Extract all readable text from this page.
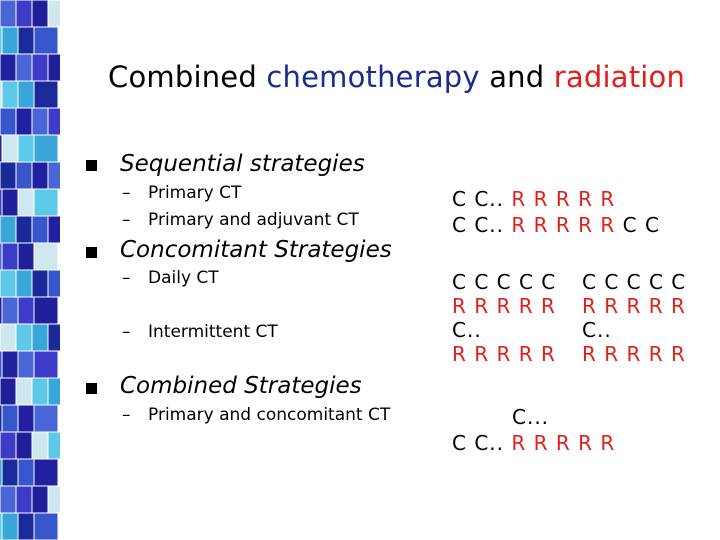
Combined chemotherapy and radiation
Sequential strategies
– Primary CT
– Primary and adjuvant CT
Concomitant Strategies
– Daily CT
– Intermittent CT
Combined Strategies
– Primary and concomitant CT
C C.. R R R R R
C C.. R R R R R C C
C C C C C
R R R R R
C..
R R R R R
C C C C C
R R R R R
C..
R R R R R
C...
C C.. R R R R R
